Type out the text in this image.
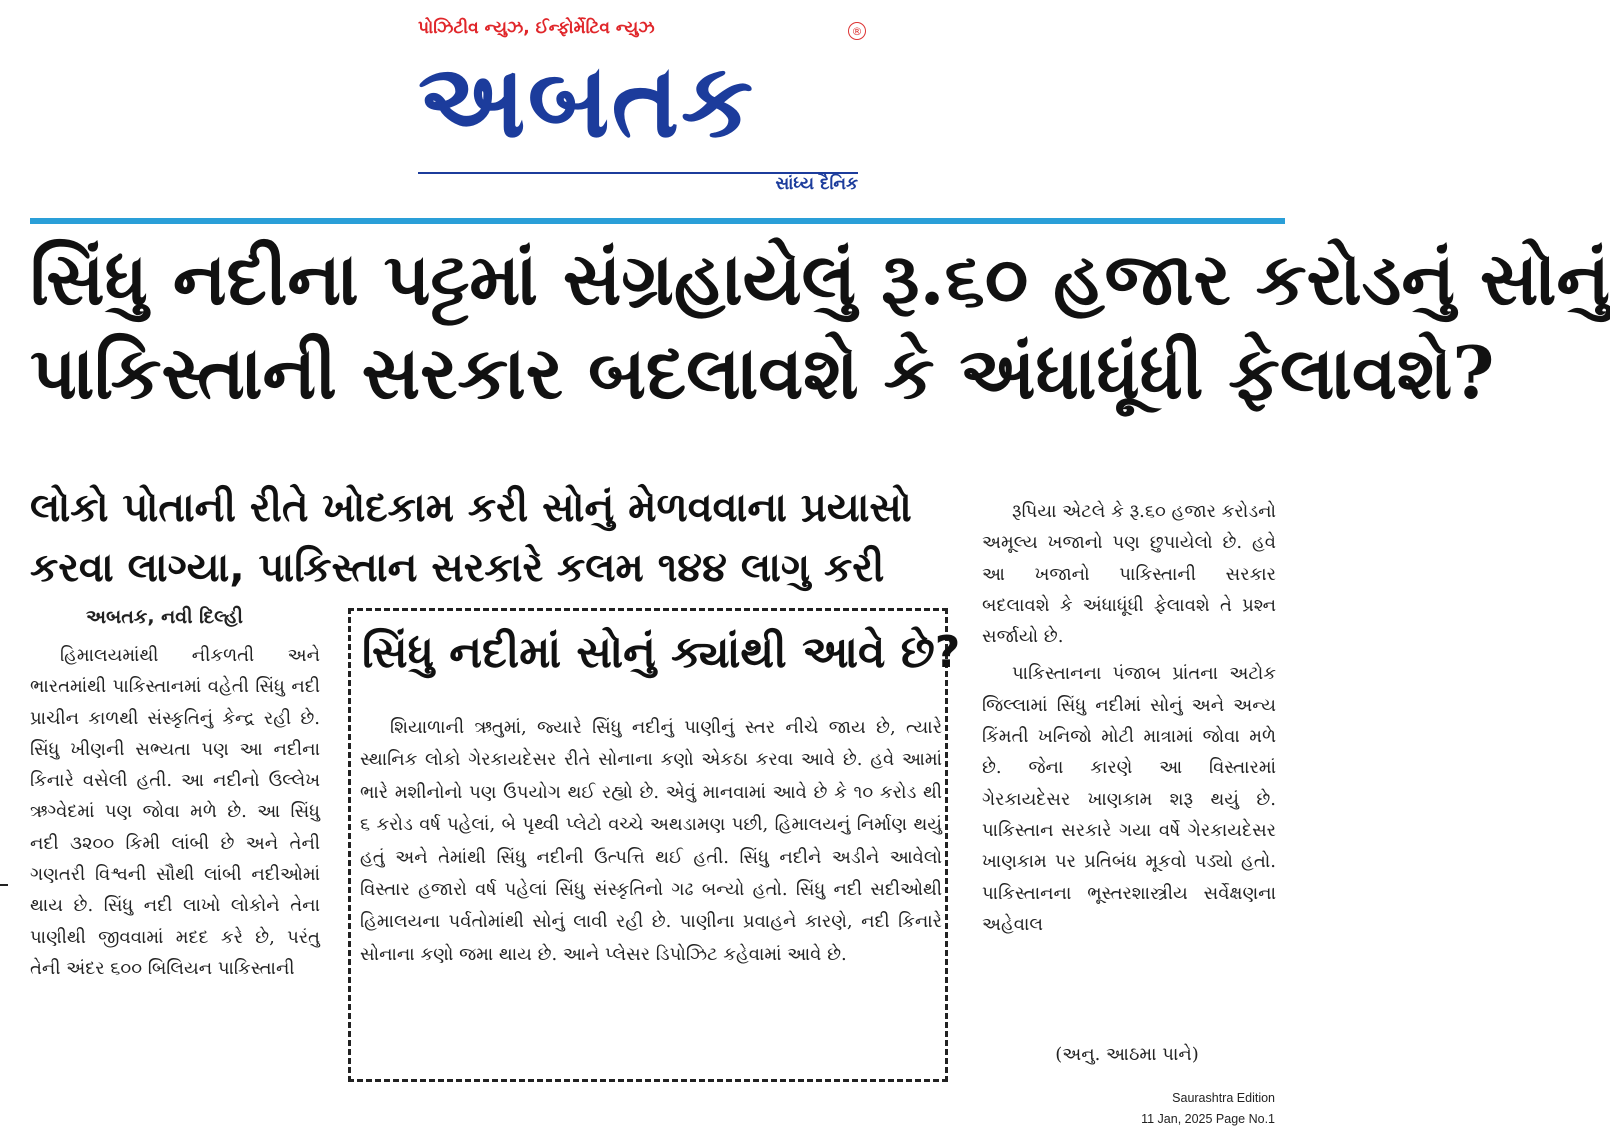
પોઝિટીવ ન્યુઝ, ઈન્ફોર્મેટિવ ન્યુઝ	®
અબતક
સાંધ્ય દૈનિક
સિંધુ નદીના પટ્ટમાં સંગ્રહાયેલું રૂ.૬૦ હજાર કરોડનું સોનું
પાકિસ્તાની સરકાર બદલાવશે કે અંધાધૂંધી ફેલાવશે?
લોકો પોતાની રીતે ખોદકામ કરી સોનું મેળવવાના પ્રયાસો
કરવા લાગ્યા, પાકિસ્તાન સરકારે કલમ ૧૪૪ લાગુ કરી
અબતક, નવી દિલ્હી

હિમાલયમાંથી નીકળતી અને ભારતમાંથી પાકિસ્તાનમાં વહેતી સિંધુ નદી પ્રાચીન કાળથી સંસ્કૃતિનું કેન્દ્ર રહી છે. સિંધુ ખીણની સભ્યતા પણ આ નદીના કિનારે વસેલી હતી. આ નદીનો ઉલ્લેખ ઋગ્વેદમાં પણ જોવા મળે છે. આ સિંધુ નદી ૩૨૦૦ કિમી લાંબી છે અને તેની ગણતરી વિશ્વની સૌથી લાંબી નદીઓમાં થાય છે. સિંધુ નદી લાખો લોકોને તેના પાણીથી જીવવામાં મદદ કરે છે, પરંતુ તેની અંદર ૬૦૦ બિલિયન પાકિસ્તાની

સિંધુ નદીમાં સોનું ક્યાંથી આવે છે?
શિયાળાની ઋતુમાં, જ્યારે સિંધુ નદીનું પાણીનું સ્તર નીચે જાય છે, ત્યારે સ્થાનિક લોકો ગેરકાયદેસર રીતે સોનાના કણો એકઠા કરવા આવે છે. હવે આમાં ભારે મશીનોનો પણ ઉપયોગ થઈ રહ્યો છે. એવું માનવામાં આવે છે કે ૧૦ કરોડ થી ૬ કરોડ વર્ષ પહેલાં, બે પૃથ્વી પ્લેટો વચ્ચે અથડામણ પછી, હિમાલયનું નિર્માણ થયું હતું અને તેમાંથી સિંધુ નદીની ઉત્પત્તિ થઈ હતી. સિંધુ નદીને અડીને આવેલો વિસ્તાર હજારો વર્ષ પહેલાં સિંધુ સંસ્કૃતિનો ગઢ બન્યો હતો. સિંધુ નદી સદીઓથી હિમાલયના પર્વતોમાંથી સોનું લાવી રહી છે. પાણીના પ્રવાહને કારણે, નદી કિનારે સોનાના કણો જમા થાય છે. આને પ્લેસર ડિપોઝિટ કહેવામાં આવે છે.

રૂપિયા એટલે કે રૂ.૬૦ હજાર કરોડનો અમૂલ્ય ખજાનો પણ છુપાયેલો છે. હવે આ ખજાનો પાકિસ્તાની સરકાર બદલાવશે કે અંધાધૂંધી ફેલાવશે તે પ્રશ્ન સર્જાયો છે.

પાકિસ્તાનના પંજાબ પ્રાંતના અટોક જિલ્લામાં સિંધુ નદીમાં સોનું અને અન્ય કિંમતી ખનિજો મોટી માત્રામાં જોવા મળે છે. જેના કારણે આ વિસ્તારમાં ગેરકાયદેસર ખાણકામ શરૂ થયું છે. પાકિસ્તાન સરકારે ગયા વર્ષે ગેરકાયદેસર ખાણકામ પર પ્રતિબંધ મૂકવો પડ્યો હતો. પાકિસ્તાનના ભૂસ્તરશાસ્ત્રીય સર્વેક્ષણના અહેવાલ

(અનુ. આઠમા પાને)
Saurashtra Edition
11 Jan, 2025 Page No.1
